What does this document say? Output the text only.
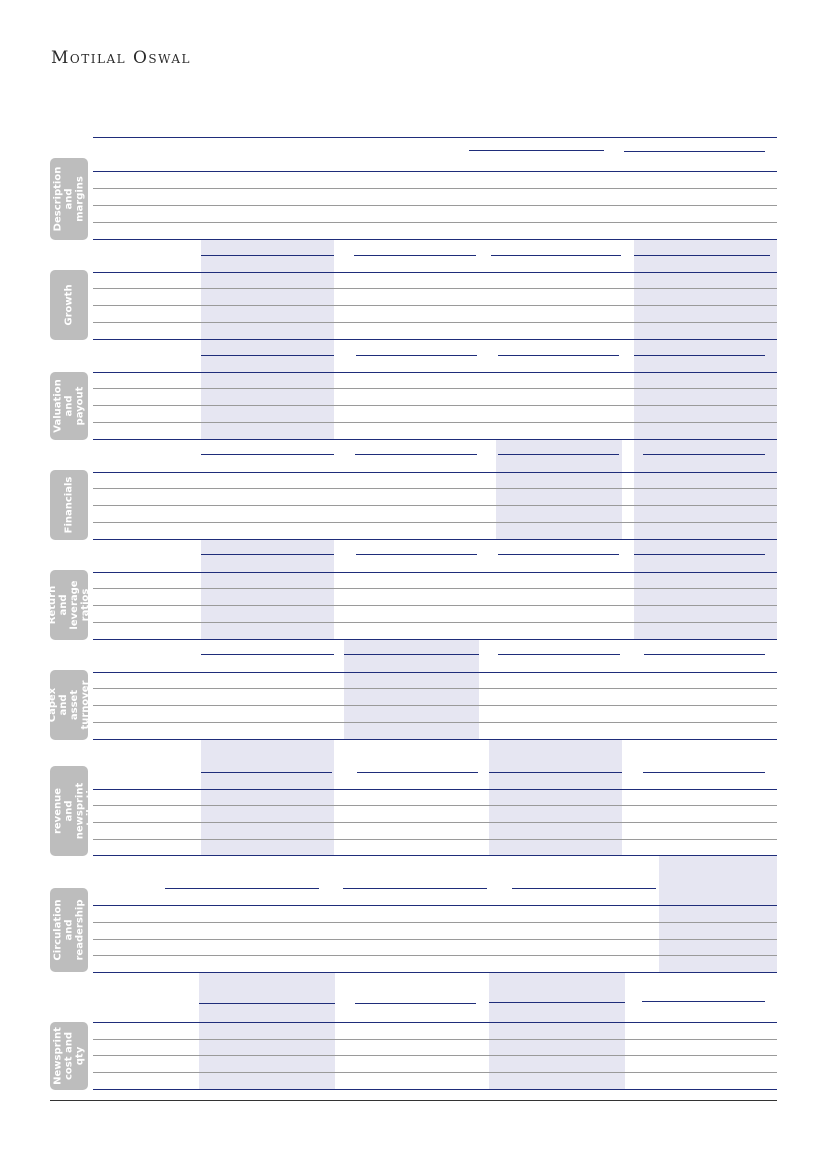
Motilal Oswal
Description
and margins
Growth
Valuation
and payout
Financials
Return and
leverage
ratios
Capex and
asset
turnover
Print ad revenue
and newsprint
contribution
Circulation
and readership
Newsprint
cost and qty
